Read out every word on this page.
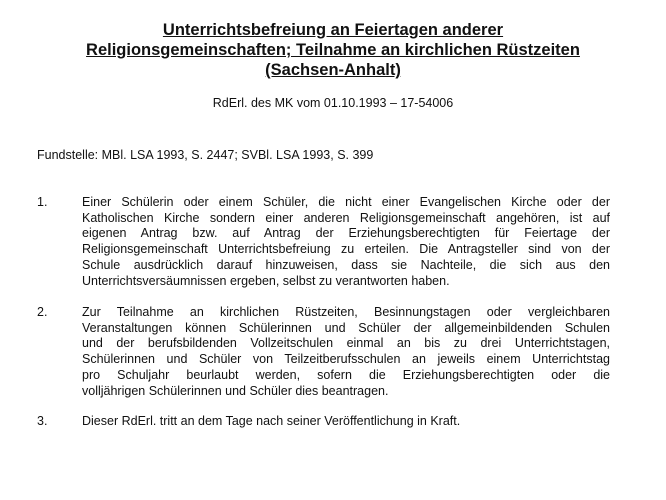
Unterrichtsbefreiung an Feiertagen anderer
Religionsgemeinschaften; Teilnahme an kirchlichen Rüstzeiten
(Sachsen-Anhalt)
RdErl. des MK vom 01.10.1993 – 17-54006
Fundstelle: MBl. LSA 1993, S. 2447; SVBl. LSA 1993, S. 399
1.	Einer Schülerin oder einem Schüler, die nicht einer Evangelischen Kirche oder der
Katholischen Kirche sondern einer anderen Religionsgemeinschaft angehören, ist auf
eigenen Antrag bzw. auf Antrag der Erziehungsberechtigten für Feiertage der
Religionsgemeinschaft Unterrichtsbefreiung zu erteilen. Die Antragsteller sind von der
Schule ausdrücklich darauf hinzuweisen, dass sie Nachteile, die sich aus den
Unterrichtsversäumnissen ergeben, selbst zu verantworten haben.
2.	Zur Teilnahme an kirchlichen Rüstzeiten, Besinnungstagen oder vergleichbaren
Veranstaltungen können Schülerinnen und Schüler der allgemeinbildenden Schulen
und der berufsbildenden Vollzeitschulen einmal an bis zu drei Unterrichtstagen,
Schülerinnen und Schüler von Teilzeitberufsschulen an jeweils einem Unterrichtstag
pro Schuljahr beurlaubt werden, sofern die Erziehungsberechtigten oder die
volljährigen Schülerinnen und Schüler dies beantragen.
3.	Dieser RdErl. tritt an dem Tage nach seiner Veröffentlichung in Kraft.
